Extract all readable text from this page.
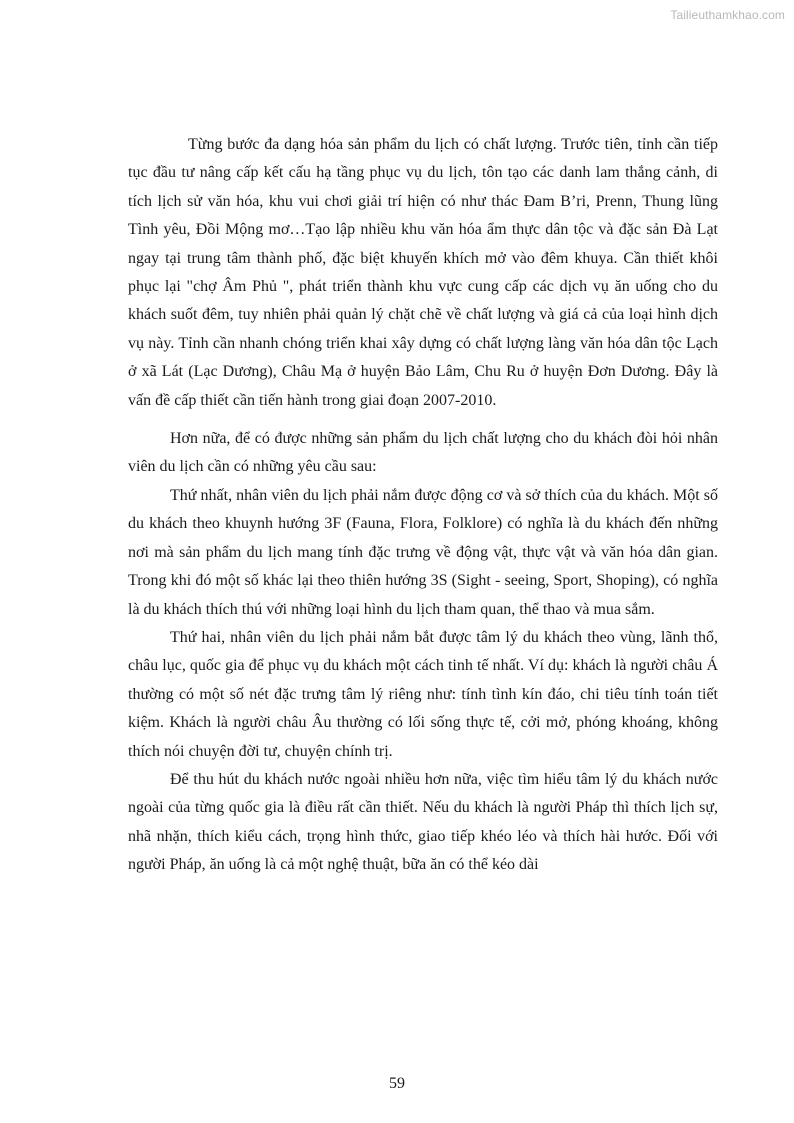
Tailieuthamkhao.com

Từng bước đa dạng hóa sản phẩm du lịch có chất lượng. Trước tiên, tỉnh cần tiếp tục đầu tư nâng cấp kết cấu hạ tầng phục vụ du lịch, tôn tạo các danh lam thắng cảnh, di tích lịch sử văn hóa, khu vui chơi giải trí hiện có như thác Đam B’ri, Prenn, Thung lũng Tình yêu, Đồi Mộng mơ…Tạo lập nhiều khu văn hóa ẩm thực dân tộc và đặc sản Đà Lạt ngay tại trung tâm thành phố, đặc biệt khuyến khích mở vào đêm khuya. Cần thiết khôi phục lại "chợ Âm Phủ ", phát triển thành khu vực cung cấp các dịch vụ ăn uống cho du khách suốt đêm, tuy nhiên phải quản lý chặt chẽ về chất lượng và giá cả của loại hình dịch vụ này. Tỉnh cần nhanh chóng triển khai xây dựng có chất lượng làng văn hóa dân tộc Lạch ở xã Lát (Lạc Dương), Châu Mạ ở huyện Bảo Lâm, Chu Ru ở huyện Đơn Dương. Đây là vấn đề cấp thiết cần tiến hành trong giai đoạn 2007-2010.

Hơn nữa, để có được những sản phẩm du lịch chất lượng cho du khách đòi hỏi nhân viên du lịch cần có những yêu cầu sau:

Thứ nhất, nhân viên du lịch phải nắm được động cơ và sở thích của du khách. Một số du khách theo khuynh hướng 3F (Fauna, Flora, Folklore) có nghĩa là du khách đến những nơi mà sản phẩm du lịch mang tính đặc trưng về động vật, thực vật và văn hóa dân gian. Trong khi đó một số khác lại theo thiên hướng 3S (Sight - seeing, Sport, Shoping), có nghĩa là du khách thích thú với những loại hình du lịch tham quan, thể thao và mua sắm.

Thứ hai, nhân viên du lịch phải nắm bắt được tâm lý du khách theo vùng, lãnh thổ, châu lục, quốc gia để phục vụ du khách một cách tinh tế nhất. Ví dụ: khách là người châu Á thường có một số nét đặc trưng tâm lý riêng như: tính tình kín đáo, chi tiêu tính toán tiết kiệm. Khách là người châu Âu thường có lối sống thực tế, cởi mở, phóng khoáng, không thích nói chuyện đời tư, chuyện chính trị.

Để thu hút du khách nước ngoài nhiều hơn nữa, việc tìm hiểu tâm lý du khách nước ngoài của từng quốc gia là điều rất cần thiết. Nếu du khách là người Pháp thì thích lịch sự, nhã nhặn, thích kiểu cách, trọng hình thức, giao tiếp khéo léo và thích hài hước. Đối với người Pháp, ăn uống là cả một nghệ thuật, bữa ăn có thể kéo dài

59
